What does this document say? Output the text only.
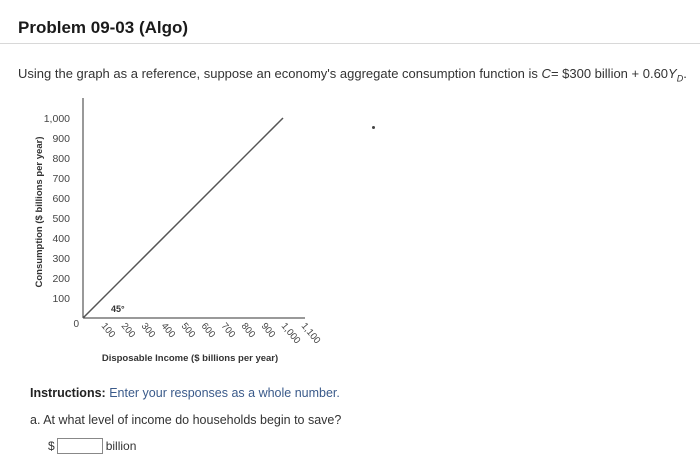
Problem 09-03 (Algo)
Using the graph as a reference, suppose an economy's aggregate consumption function is C= $300 billion + $0.60Y_D$.
100
200
300
400
500
600
700
800
900
1,000
100 200 300 400 500 600 700 800 900 1,000
1,100
0
Consumption ($ billions per year)
Disposable Income ($ billions per year)
45°
Instructions: Enter your responses as a whole number.
a. At what level of income do households begin to save?
$	billion
